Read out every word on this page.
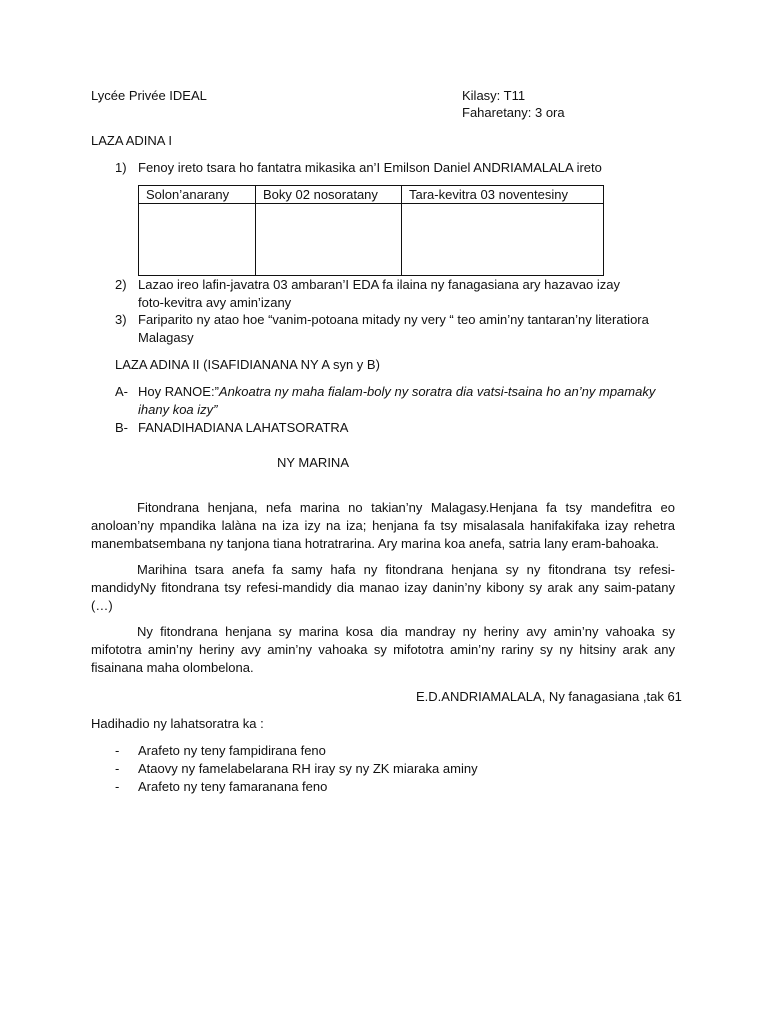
Lycée Privée IDEAL	Kilasy: T11
Faharetany: 3 ora
LAZA ADINA I
1) Fenoy ireto tsara ho fantatra mikasika an’I Emilson Daniel ANDRIAMALALA ireto
Solon’anarany	Boky 02 nosoratany	Tara-kevitra 03 noventesiny

2) Lazao ireo lafin-javatra 03 ambaran’I EDA fa ilaina ny fanagasiana ary hazavao izay foto-kevitra avy amin’izany
3) Fariparito ny atao hoe “vanim-potoana mitady ny very “ teo amin’ny tantaran’ny literatiora Malagasy
LAZA ADINA II (ISAFIDIANANA NY A syn y B)
A- Hoy RANOE:”Ankoatra ny maha fialam-boly ny soratra dia vatsi-tsaina ho an’ny mpamaky ihany koa izy”
B- FANADIHADIANA LAHATSORATRA
NY MARINA
Fitondrana henjana, nefa marina no takian’ny Malagasy.Henjana fa tsy mandefitra eo anoloan’ny mpandika lalàna na iza izy na iza; henjana fa tsy misalasala hanifakifaka izay rehetra manembatsembana ny tanjona tiana hotratrarina. Ary marina koa anefa, satria lany eram-bahoaka.
Marihina tsara anefa fa samy hafa ny fitondrana henjana sy ny fitondrana tsy refesi-mandidyNy fitondrana tsy refesi-mandidy dia manao izay danin’ny kibony sy arak any saim-patany (…)
Ny fitondrana henjana sy marina kosa dia mandray ny heriny avy amin’ny vahoaka sy mifototra amin’ny heriny avy amin’ny vahoaka sy mifototra amin’ny rariny sy ny hitsiny arak any fisainana maha olombelona.
E.D.ANDRIAMALALA, Ny fanagasiana ,tak 61
Hadihadio ny lahatsoratra ka :
- Arafeto ny teny fampidirana feno
- Ataovy ny famelabelarana RH iray sy ny ZK miaraka aminy
- Arafeto ny teny famaranana feno
